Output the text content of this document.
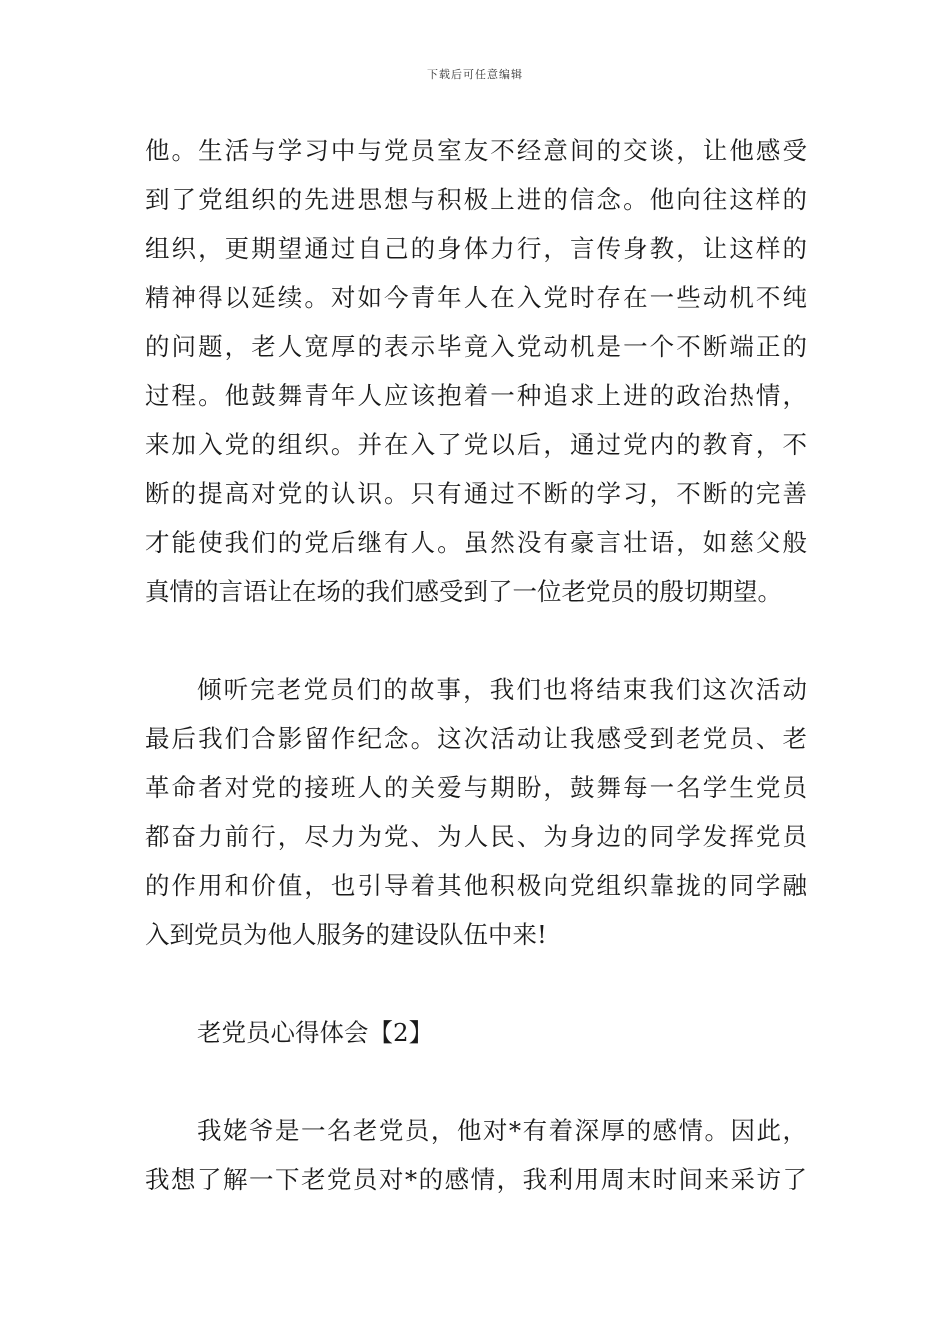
下载后可任意编辑
他。生活与学习中与党员室友不经意间的交谈，让他感受
到了党组织的先进思想与积极上进的信念。他向往这样的
组织，更期望通过自己的身体力行，言传身教，让这样的
精神得以延续。对如今青年人在入党时存在一些动机不纯
的问题，老人宽厚的表示毕竟入党动机是一个不断端正的
过程。他鼓舞青年人应该抱着一种追求上进的政治热情，
来加入党的组织。并在入了党以后，通过党内的教育，不
断的提高对党的认识。只有通过不断的学习，不断的完善
才能使我们的党后继有人。虽然没有豪言壮语，如慈父般
真情的言语让在场的我们感受到了一位老党员的殷切期望。
倾听完老党员们的故事，我们也将结束我们这次活动
最后我们合影留作纪念。这次活动让我感受到老党员、老
革命者对党的接班人的关爱与期盼，鼓舞每一名学生党员
都奋力前行，尽力为党、为人民、为身边的同学发挥党员
的作用和价值，也引导着其他积极向党组织靠拢的同学融
入到党员为他人服务的建设队伍中来!
老党员心得体会【2】
我姥爷是一名老党员，他对*有着深厚的感情。因此，
我想了解一下老党员对*的感情，我利用周末时间来采访了
